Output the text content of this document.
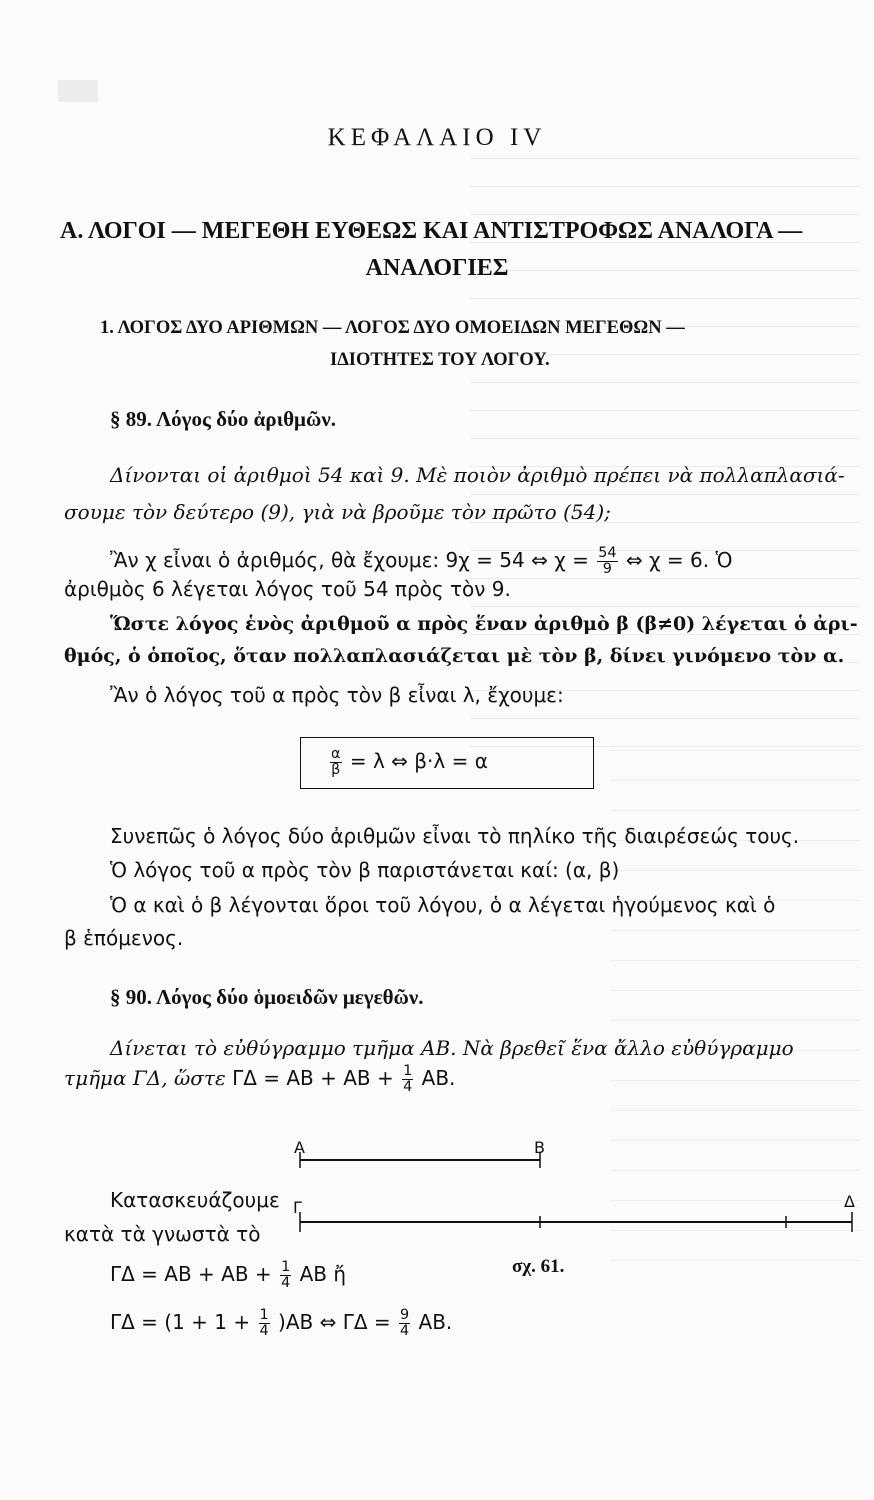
ΚΕΦΑΛΑΙΟ IV
Α. ΛΟΓΟΙ — ΜΕΓΕΘΗ ΕΥΘΕΩΣ ΚΑΙ ΑΝΤΙΣΤΡΟΦΩΣ ΑΝΑΛΟΓΑ —
ΑΝΑΛΟΓΙΕΣ
1. ΛΟΓΟΣ ΔΥΟ ΑΡΙΘΜΩΝ — ΛΟΓΟΣ ΔΥΟ ΟΜΟΕΙΔΩΝ ΜΕΓΕΘΩΝ —
ΙΔΙΟΤΗΤΕΣ ΤΟΥ ΛΟΓΟΥ.
§ 89. Λόγος δύο ἀριθμῶν.
Δίνονται οἱ ἀριθμοὶ 54 καὶ 9. Μὲ ποιὸν ἀριθμὸ πρέπει νὰ πολλαπλασιά-
σουμε τὸν δεύτερο (9), γιὰ νὰ βροῦμε τὸν πρῶτο (54);
Ἂν χ εἶναι ὁ ἀριθμός, θὰ ἔχουμε: 9χ = 54 ⇔ $\chi = \frac{54}{9}$ ⇔ χ = 6. Ὁ
ἀριθμὸς 6 λέγεται λόγος τοῦ 54 πρὸς τὸν 9.
Ὥστε λόγος ἑνὸς ἀριθμοῦ α πρὸς ἕναν ἀριθμὸ β (β≠0) λέγεται ὁ ἀρι-
θμός, ὁ ὁποῖος, ὅταν πολλαπλασιάζεται μὲ τὸν β, δίνει γινόμενο τὸν α.
Ἂν ὁ λόγος τοῦ α πρὸς τὸν β εἶναι λ, ἔχουμε:
$\frac{\alpha}{\beta} = \lambda$ ⇔ β·λ = α
Συνεπῶς ὁ λόγος δύο ἀριθμῶν εἶναι τὸ πηλίκο τῆς διαιρέσεώς τους.
Ὁ λόγος τοῦ α πρὸς τὸν β παριστάνεται καί: (α, β)
Ὁ α καὶ ὁ β λέγονται ὅροι τοῦ λόγου, ὁ α λέγεται ἡγούμενος καὶ ὁ
β ἑπόμενος.
§ 90. Λόγος δύο ὁμοειδῶν μεγεθῶν.
Δίνεται τὸ εὐθύγραμμο τμῆμα ΑΒ. Νὰ βρεθεῖ ἕνα ἄλλο εὐθύγραμμο
τμῆμα ΓΔ, ὥστε $\Gamma\Delta = AB + AB + \frac{1}{4} AB$.
Α	Β
Γ	Δ
Κατασκευάζουμε
κατὰ τὰ γνωστὰ τὸ
$\Gamma\Delta = AB + AB + \frac{1}{4}$ ΑΒ ἤ	σχ. 61.
$\Gamma\Delta = (1 + 1 + \frac{1}{4} )AB$ ⇔ $\Gamma\Delta = \frac{9}{4} AB$.
